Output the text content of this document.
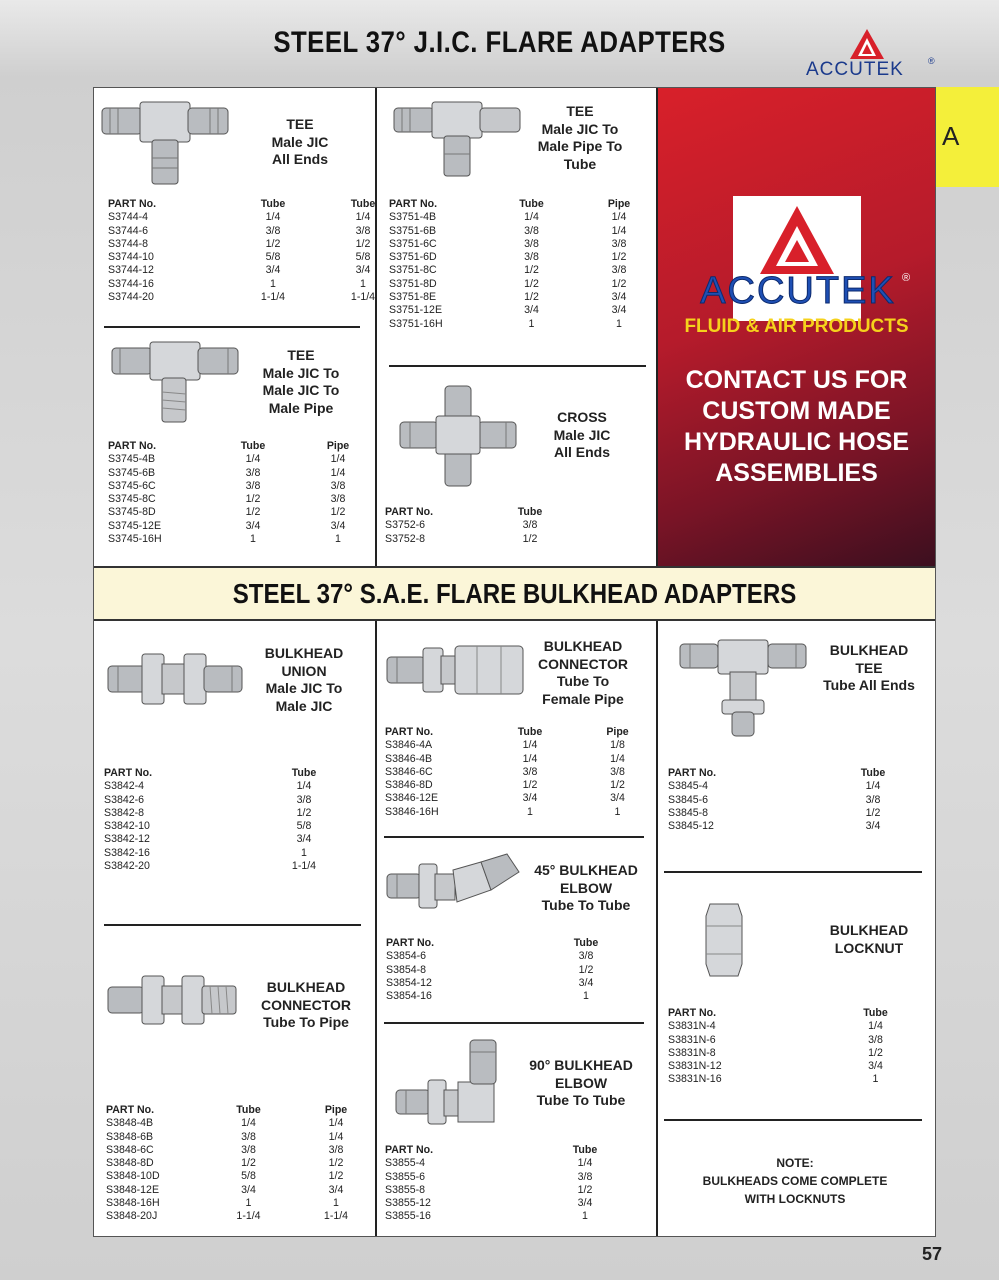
STEEL 37° J.I.C. FLARE ADAPTERS
ACCUTEK	®
A
ACCUTEK ®
FLUID & AIR PRODUCTS
CONTACT US FOR
CUSTOM MADE
HYDRAULIC HOSE
ASSEMBLIES
STEEL 37° S.A.E. FLARE BULKHEAD ADAPTERS
TEE
Male JIC
All Ends
PART No.	Tube	Tube
S3744-4	1/4	1/4
S3744-6	3/8	3/8
S3744-8	1/2	1/2
S3744-10	5/8	5/8
S3744-12	3/4	3/4
S3744-16	1	1
S3744-20	1-1/4	1-1/4
TEE
Male JIC To
Male Pipe To
Tube
PART No.	Tube	Pipe
S3751-4B	1/4	1/4
S3751-6B	3/8	1/4
S3751-6C	3/8	3/8
S3751-6D	3/8	1/2
S3751-8C	1/2	3/8
S3751-8D	1/2	1/2
S3751-8E	1/2	3/4
S3751-12E	3/4	3/4
S3751-16H	1	1
TEE
Male JIC To
Male JIC To
Male Pipe
PART No.	Tube	Pipe
S3745-4B	1/4	1/4
S3745-6B	3/8	1/4
S3745-6C	3/8	3/8
S3745-8C	1/2	3/8
S3745-8D	1/2	1/2
S3745-12E	3/4	3/4
S3745-16H	1	1
CROSS
Male JIC
All Ends
PART No.	Tube
S3752-6	3/8
S3752-8	1/2
BULKHEAD
UNION
Male JIC To
Male JIC
PART No.	Tube
S3842-4	1/4
S3842-6	3/8
S3842-8	1/2
S3842-10	5/8
S3842-12	3/4
S3842-16	1
S3842-20	1-1/4
BULKHEAD
CONNECTOR
Tube To
Female Pipe
PART No.	Tube	Pipe
S3846-4A	1/4	1/8
S3846-4B	1/4	1/4
S3846-6C	3/8	3/8
S3846-8D	1/2	1/2
S3846-12E	3/4	3/4
S3846-16H	1	1
BULKHEAD
TEE
Tube All Ends
PART No.	Tube
S3845-4	1/4
S3845-6	3/8
S3845-8	1/2
S3845-12	3/4
45° BULKHEAD
ELBOW
Tube To Tube
PART No.	Tube
S3854-6	3/8
S3854-8	1/2
S3854-12	3/4
S3854-16	1
BULKHEAD
LOCKNUT
PART No.	Tube
S3831N-4	1/4
S3831N-6	3/8
S3831N-8	1/2
S3831N-12	3/4
S3831N-16	1
BULKHEAD
CONNECTOR
Tube To Pipe
PART No.	Tube	Pipe
S3848-4B	1/4	1/4
S3848-6B	3/8	1/4
S3848-6C	3/8	3/8
S3848-8D	1/2	1/2
S3848-10D	5/8	1/2
S3848-12E	3/4	3/4
S3848-16H	1	1
S3848-20J	1-1/4	1-1/4
90° BULKHEAD
ELBOW
Tube To Tube
PART No.	Tube
S3855-4	1/4
S3855-6	3/8
S3855-8	1/2
S3855-12	3/4
S3855-16	1
NOTE:
BULKHEADS COME COMPLETE
WITH LOCKNUTS
57
